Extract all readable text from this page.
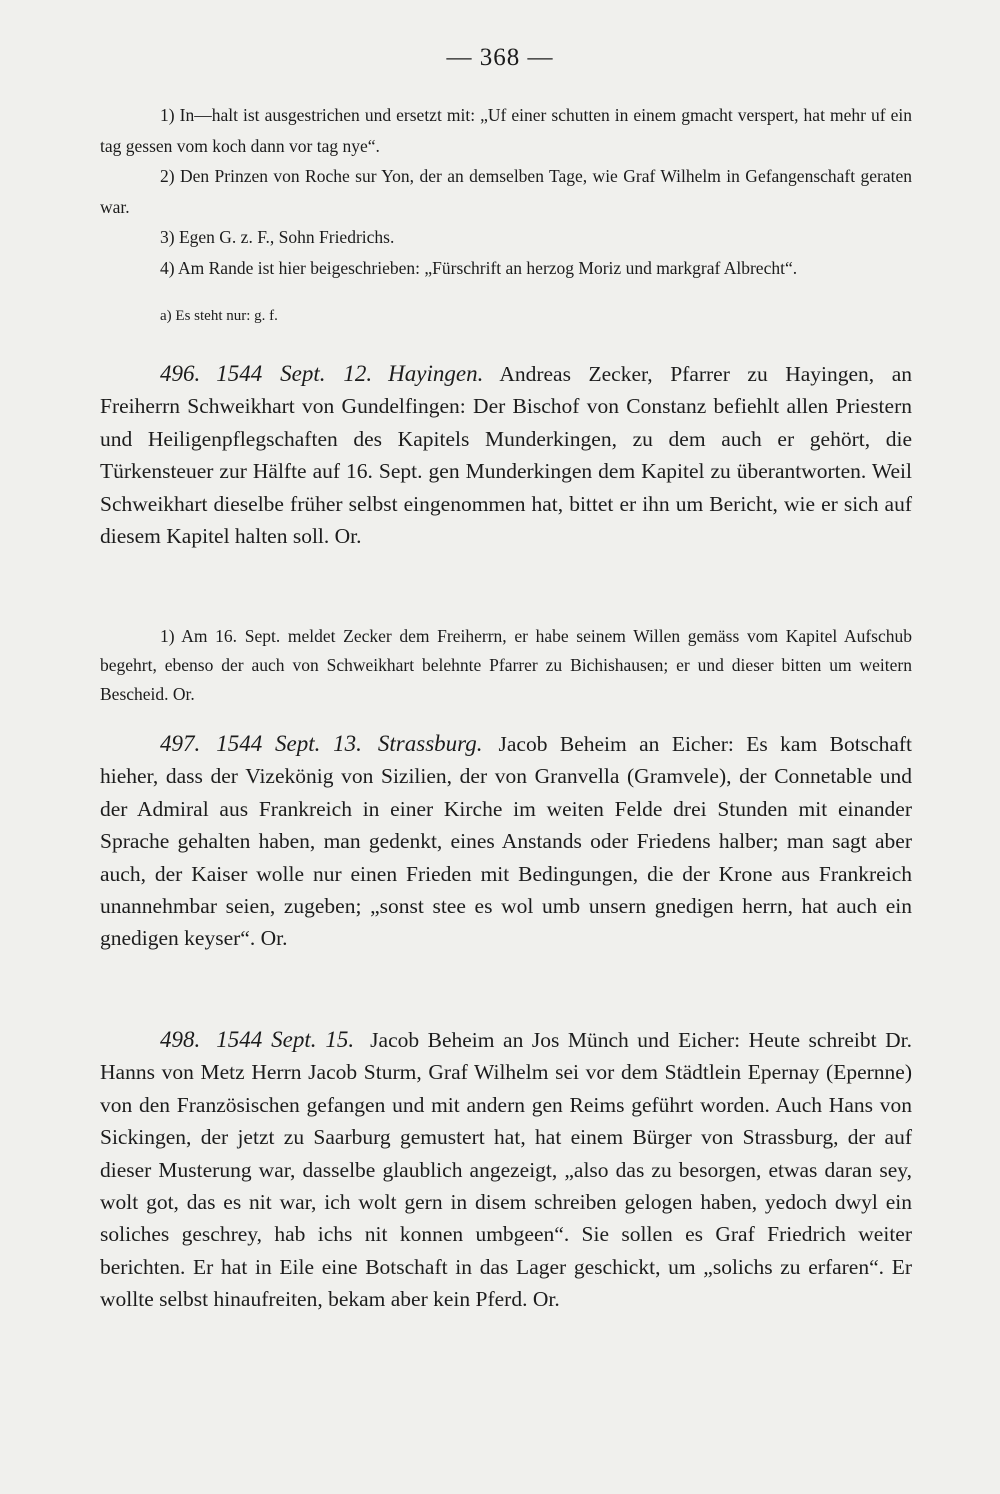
— 368 —

1) In—halt ist ausgestrichen und ersetzt mit: „Uf einer schutten in einem gmacht verspert, hat mehr uf ein tag gessen vom koch dann vor tag nye“.

2) Den Prinzen von Roche sur Yon, der an demselben Tage, wie Graf Wilhelm in Gefangenschaft geraten war.

3) Egen G. z. F., Sohn Friedrichs.

4) Am Rande ist hier beigeschrieben: „Fürschrift an herzog Moriz und markgraf Albrecht“.

a) Es steht nur: g. f.

496. 1544 Sept. 12. Hayingen. Andreas Zecker, Pfarrer zu Hayingen, an Freiherrn Schweikhart von Gundelfingen: Der Bischof von Constanz befiehlt allen Priestern und Heiligenpflegschaften des Kapitels Munderkingen, zu dem auch er gehört, die Türkensteuer zur Hälfte auf 16. Sept. gen Munderkingen dem Kapitel zu überantworten. Weil Schweikhart dieselbe früher selbst eingenommen hat, bittet er ihn um Bericht, wie er sich auf diesem Kapitel halten soll. Or.

1) Am 16. Sept. meldet Zecker dem Freiherrn, er habe seinem Willen gemäss vom Kapitel Aufschub begehrt, ebenso der auch von Schweikhart belehnte Pfarrer zu Bichishausen; er und dieser bitten um weitern Bescheid. Or.

497. 1544 Sept. 13. Strassburg. Jacob Beheim an Eicher: Es kam Botschaft hieher, dass der Vizekönig von Sizilien, der von Granvella (Gramvele), der Connetable und der Admiral aus Frankreich in einer Kirche im weiten Felde drei Stunden mit einander Sprache gehalten haben, man gedenkt, eines Anstands oder Friedens halber; man sagt aber auch, der Kaiser wolle nur einen Frieden mit Bedingungen, die der Krone aus Frankreich unannehmbar seien, zugeben; „sonst stee es wol umb unsern gnedigen herrn, hat auch ein gnedigen keyser“. Or.

498. 1544 Sept. 15. Jacob Beheim an Jos Münch und Eicher: Heute schreibt Dr. Hanns von Metz Herrn Jacob Sturm, Graf Wilhelm sei vor dem Städtlein Epernay (Epernne) von den Französischen gefangen und mit andern gen Reims geführt worden. Auch Hans von Sickingen, der jetzt zu Saarburg gemustert hat, hat einem Bürger von Strassburg, der auf dieser Musterung war, dasselbe glaublich angezeigt, „also das zu besorgen, etwas daran sey, wolt got, das es nit war, ich wolt gern in disem schreiben gelogen haben, yedoch dwyl ein soliches geschrey, hab ichs nit konnen umbgeen“. Sie sollen es Graf Friedrich weiter berichten. Er hat in Eile eine Botschaft in das Lager geschickt, um „solichs zu erfaren“. Er wollte selbst hinaufreiten, bekam aber kein Pferd. Or.
